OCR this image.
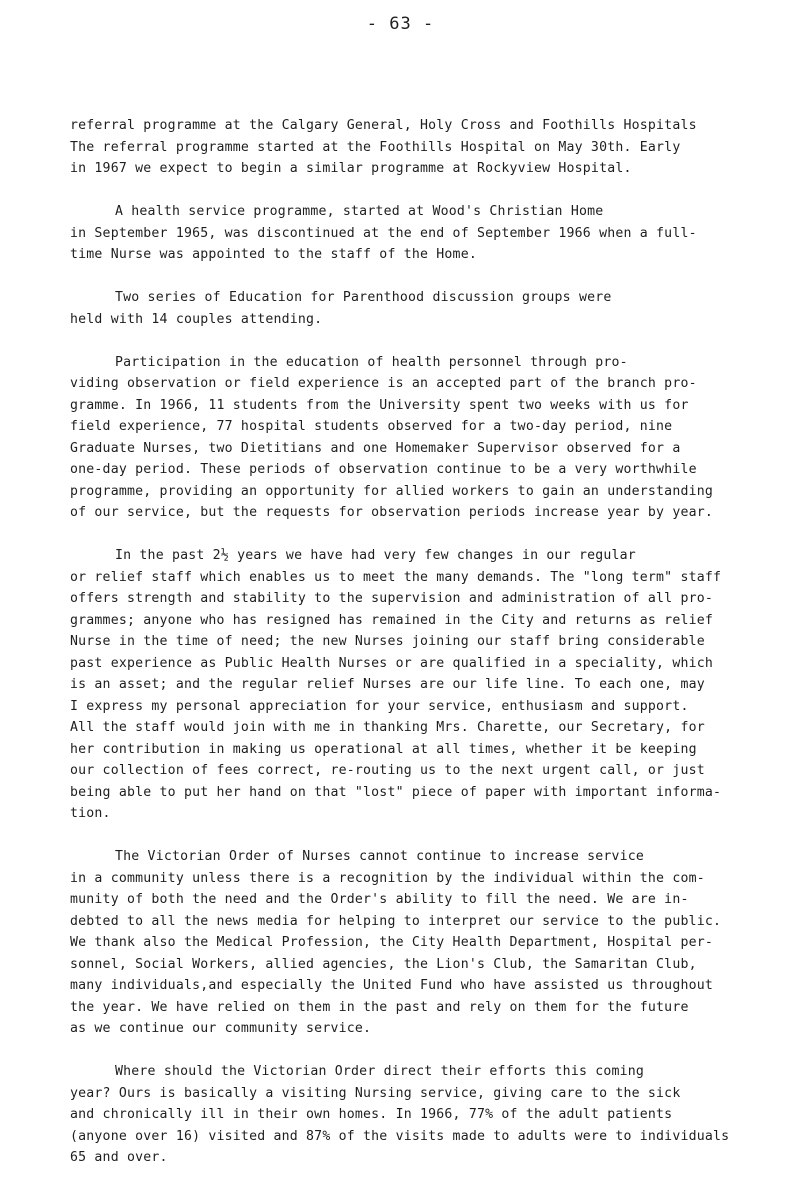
- 63 -

referral programme at the Calgary General, Holy Cross and Foothills Hospitals
The referral programme started at the Foothills Hospital on May 30th. Early
in 1967 we expect to begin a similar programme at Rockyview Hospital.

A health service programme, started at Wood's Christian Home
in September 1965, was discontinued at the end of September 1966 when a full-
time Nurse was appointed to the staff of the Home.

Two series of Education for Parenthood discussion groups were
held with 14 couples attending.

Participation in the education of health personnel through pro-
viding observation or field experience is an accepted part of the branch pro-
gramme. In 1966, 11 students from the University spent two weeks with us for
field experience, 77 hospital students observed for a two-day period, nine
Graduate Nurses, two Dietitians and one Homemaker Supervisor observed for a
one-day period. These periods of observation continue to be a very worthwhile
programme, providing an opportunity for allied workers to gain an understanding
of our service, but the requests for observation periods increase year by year.

In the past 2½ years we have had very few changes in our regular
or relief staff which enables us to meet the many demands. The "long term" staff
offers strength and stability to the supervision and administration of all pro-
grammes; anyone who has resigned has remained in the City and returns as relief
Nurse in the time of need; the new Nurses joining our staff bring considerable
past experience as Public Health Nurses or are qualified in a speciality, which
is an asset; and the regular relief Nurses are our life line. To each one, may
I express my personal appreciation for your service, enthusiasm and support.
All the staff would join with me in thanking Mrs. Charette, our Secretary, for
her contribution in making us operational at all times, whether it be keeping
our collection of fees correct, re-routing us to the next urgent call, or just
being able to put her hand on that "lost" piece of paper with important informa-
tion.

The Victorian Order of Nurses cannot continue to increase service
in a community unless there is a recognition by the individual within the com-
munity of both the need and the Order's ability to fill the need. We are in-
debted to all the news media for helping to interpret our service to the public.
We thank also the Medical Profession, the City Health Department, Hospital per-
sonnel, Social Workers, allied agencies, the Lion's Club, the Samaritan Club,
many individuals,and especially the United Fund who have assisted us throughout
the year. We have relied on them in the past and rely on them for the future
as we continue our community service.

Where should the Victorian Order direct their efforts this coming
year? Ours is basically a visiting Nursing service, giving care to the sick
and chronically ill in their own homes. In 1966, 77% of the adult patients
(anyone over 16) visited and 87% of the visits made to adults were to individuals
65 and over.
